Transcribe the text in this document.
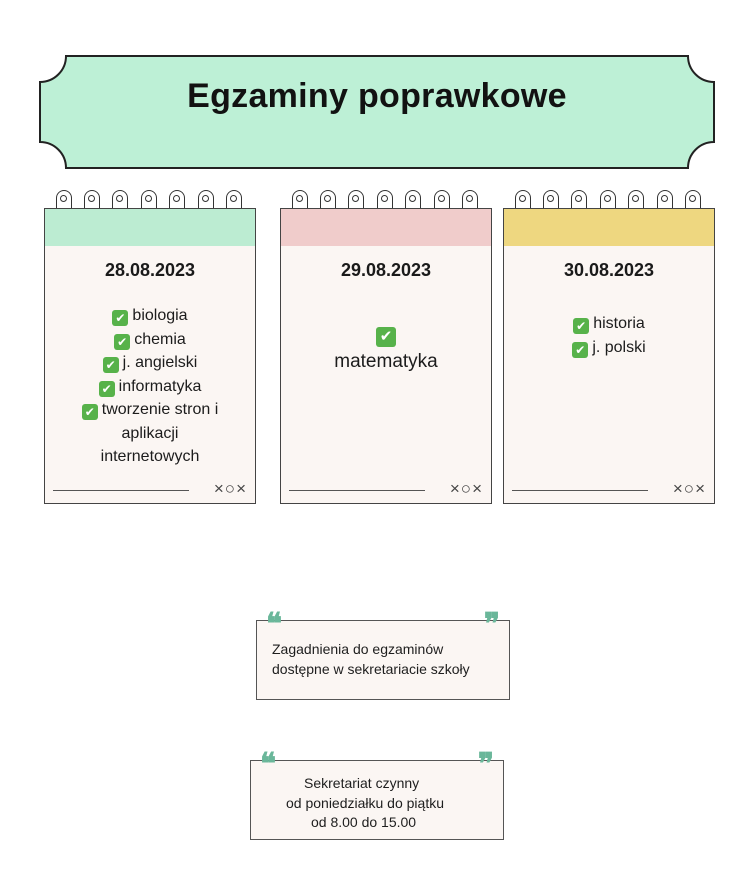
Egzaminy poprawkowe
28.08.2023
✔ biologia
✔ chemia
✔ j. angielski
✔ informatyka
✔ tworzenie stron i
aplikacji
internetowych
×○×
29.08.2023
✔
matematyka
×○×
30.08.2023
✔ historia
✔ j. polski
×○×
❝	❞
Zagadnienia do egzaminów
dostępne w sekretariacie szkoły
❝	❞
Sekretariat czynny
od poniedziałku do piątku
od 8.00 do 15.00
